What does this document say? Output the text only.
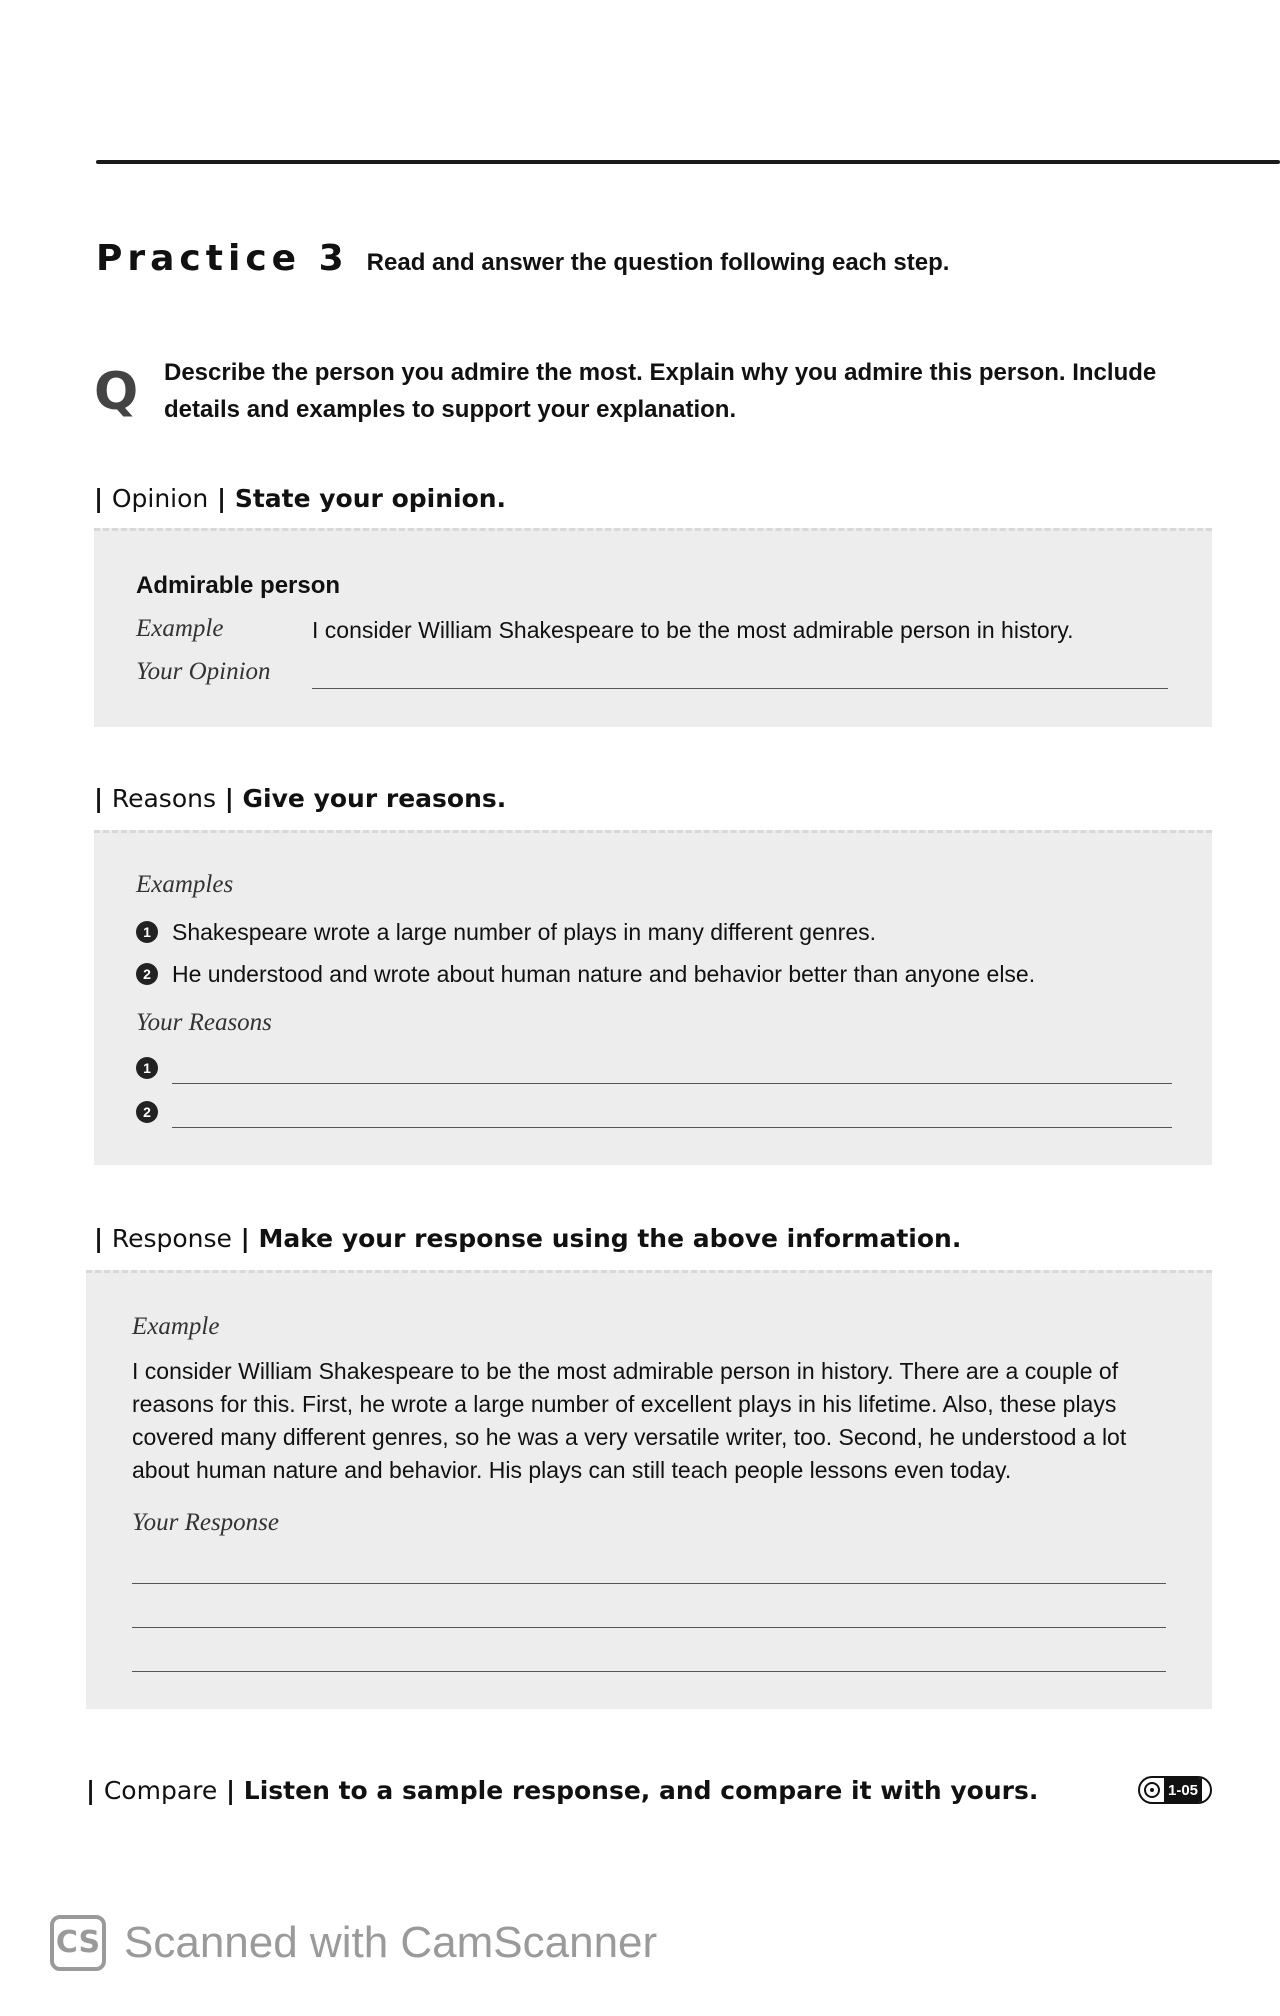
Practice 3 Read and answer the question following each step.
Q Describe the person you admire the most. Explain why you admire this person. Include details and examples to support your explanation.
| Opinion | State your opinion.
Admirable person
Example	I consider William Shakespeare to be the most admirable person in history.
Your Opinion
| Reasons | Give your reasons.
Examples
1 Shakespeare wrote a large number of plays in many different genres.
2 He understood and wrote about human nature and behavior better than anyone else.
Your Reasons
1
2
| Response | Make your response using the above information.
Example
I consider William Shakespeare to be the most admirable person in history. There are a couple of
reasons for this. First, he wrote a large number of excellent plays in his lifetime. Also, these plays
covered many different genres, so he was a very versatile writer, too. Second, he understood a lot
about human nature and behavior. His plays can still teach people lessons even today.
Your Response
| Compare | Listen to a sample response, and compare it with yours.	1-05
CS Scanned with CamScanner
